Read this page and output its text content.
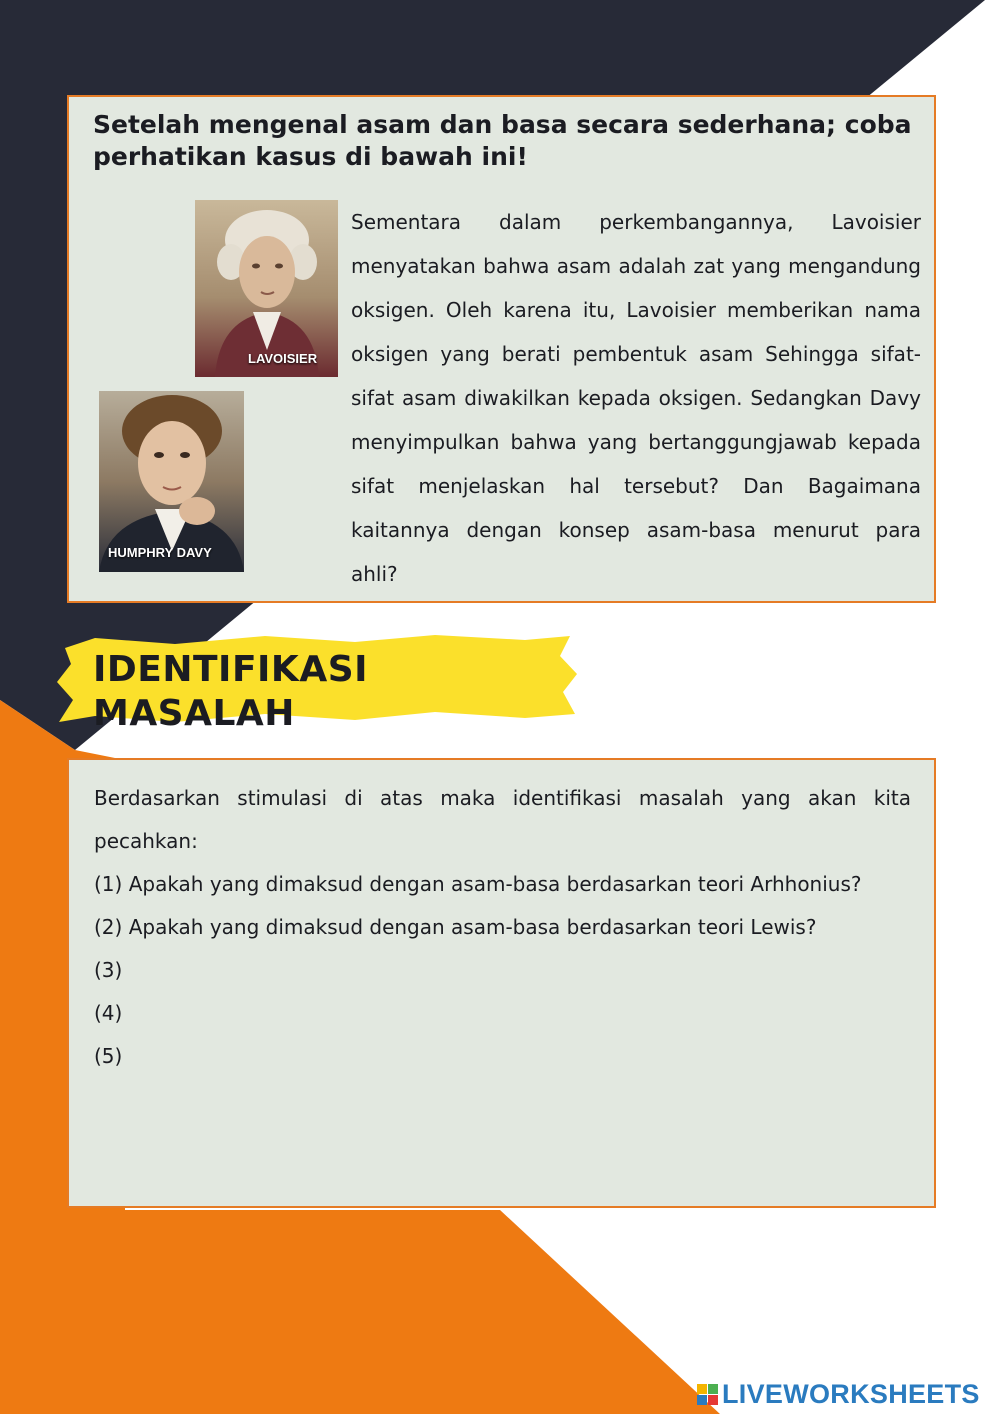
Setelah mengenal asam dan basa secara sederhana; coba perhatikan kasus di bawah ini!
LAVOISIER
HUMPHRY DAVY

Sementara dalam perkembangannya, Lavoisier menyatakan bahwa asam adalah zat yang mengandung oksigen. Oleh karena itu, Lavoisier memberikan nama oksigen yang berati pembentuk asam Sehingga sifat-sifat asam diwakilkan kepada oksigen. Sedangkan Davy menyimpulkan bahwa yang bertanggungjawab kepada sifat menjelaskan hal tersebut? Dan Bagaimana kaitannya dengan konsep asam-basa menurut para ahli?

IDENTIFIKASI MASALAH

Berdasarkan stimulasi di atas maka identifikasi masalah yang akan kita pecahkan:

(1) Apakah yang dimaksud dengan asam-basa berdasarkan teori Arhhonius?
(2) Apakah yang dimaksud dengan asam-basa berdasarkan teori Lewis?
(3)
(4)
(5)
LIVEWORKSHEETS
